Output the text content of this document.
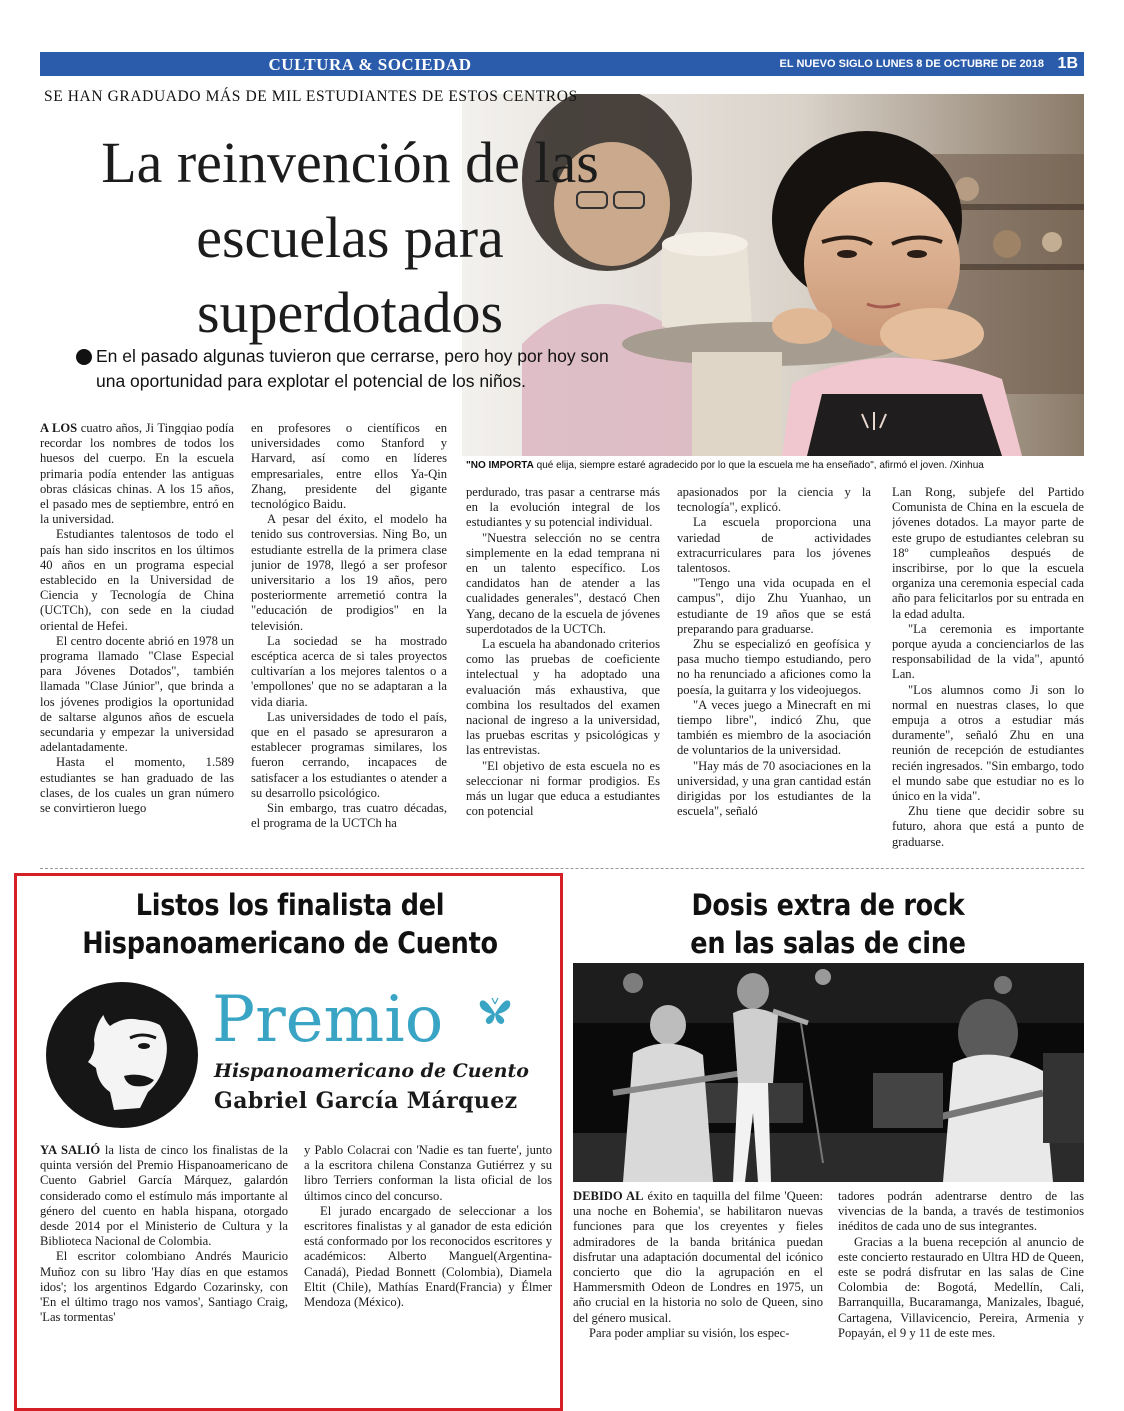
CULTURA & SOCIEDAD	EL NUEVO SIGLO LUNES 8 DE OCTUBRE DE 2018 1B
SE HAN GRADUADO MÁS DE MIL ESTUDIANTES DE ESTOS CENTROS
La reinvención de las escuelas para superdotados
En el pasado algunas tuvieron que cerrarse, pero hoy por hoy son una oportunidad para explotar el potencial de los niños.
"NO IMPORTA qué elija, siempre estaré agradecido por lo que la escuela me ha enseñado", afirmó el joven. /Xinhua

A LOS cuatro años, Ji Tingqiao podía recordar los nombres de todos los huesos del cuerpo. En la escuela primaria podía entender las antiguas obras clásicas chinas. A los 15 años, el pasado mes de septiembre, entró en la universidad.

Estudiantes talentosos de todo el país han sido inscritos en los últimos 40 años en un programa especial establecido en la Universidad de Ciencia y Tecnología de China (UCTCh), con sede en la ciudad oriental de Hefei.

El centro docente abrió en 1978 un programa llamado "Clase Especial para Jóvenes Dotados", también llamada "Clase Júnior", que brinda a los jóvenes prodigios la oportunidad de saltarse algunos años de escuela secundaria y empezar la universidad adelantadamente.

Hasta el momento, 1.589 estudiantes se han graduado de las clases, de los cuales un gran número se convirtieron luego

en profesores o científicos en universidades como Stanford y Harvard, así como en líderes empresariales, entre ellos Ya-Qin Zhang, presidente del gigante tecnológico Baidu.

A pesar del éxito, el modelo ha tenido sus controversias. Ning Bo, un estudiante estrella de la primera clase junior de 1978, llegó a ser profesor universitario a los 19 años, pero posteriormente arremetió contra la "educación de prodigios" en la televisión.

La sociedad se ha mostrado escéptica acerca de si tales proyectos cultivarían a los mejores talentos o a 'empollones' que no se adaptaran a la vida diaria.

Las universidades de todo el país, que en el pasado se apresuraron a establecer programas similares, los fueron cerrando, incapaces de satisfacer a los estudiantes o atender a su desarrollo psicológico.

Sin embargo, tras cuatro décadas, el programa de la UCTCh ha

perdurado, tras pasar a centrarse más en la evolución integral de los estudiantes y su potencial individual.

"Nuestra selección no se centra simplemente en la edad temprana ni en un talento específico. Los candidatos han de atender a las cualidades generales", destacó Chen Yang, decano de la escuela de jóvenes superdotados de la UCTCh.

La escuela ha abandonado criterios como las pruebas de coeficiente intelectual y ha adoptado una evaluación más exhaustiva, que combina los resultados del examen nacional de ingreso a la universidad, las pruebas escritas y psicológicas y las entrevistas.

"El objetivo de esta escuela no es seleccionar ni formar prodigios. Es más un lugar que educa a estudiantes con potencial

apasionados por la ciencia y la tecnología", explicó.

La escuela proporciona una variedad de actividades extracurriculares para los jóvenes talentosos.

"Tengo una vida ocupada en el campus", dijo Zhu Yuanhao, un estudiante de 19 años que se está preparando para graduarse.

Zhu se especializó en geofísica y pasa mucho tiempo estudiando, pero no ha renunciado a aficiones como la poesía, la guitarra y los videojuegos.

"A veces juego a Minecraft en mi tiempo libre", indicó Zhu, que también es miembro de la asociación de voluntarios de la universidad.

"Hay más de 70 asociaciones en la universidad, y una gran cantidad están dirigidas por los estudiantes de la escuela", señaló

Lan Rong, subjefe del Partido Comunista de China en la escuela de jóvenes dotados. La mayor parte de este grupo de estudiantes celebran su 18º cumpleaños después de inscribirse, por lo que la escuela organiza una ceremonia especial cada año para felicitarlos por su entrada en la edad adulta.

"La ceremonia es importante porque ayuda a concienciarlos de las responsabilidad de la vida", apuntó Lan.

"Los alumnos como Ji son lo normal en nuestras clases, lo que empuja a otros a estudiar más duramente", señaló Zhu en una reunión de recepción de estudiantes recién ingresados. "Sin embargo, todo el mundo sabe que estudiar no es lo único en la vida".

Zhu tiene que decidir sobre su futuro, ahora que está a punto de graduarse.

Listos los finalista del
Hispanoamericano de Cuento
Premio
Hispanoamericano de Cuento
Gabriel García Márquez

YA SALIÓ la lista de cinco los finalistas de la quinta versión del Premio Hispanoamericano de Cuento Gabriel García Márquez, galardón considerado como el estímulo más importante al género del cuento en habla hispana, otorgado desde 2014 por el Ministerio de Cultura y la Biblioteca Nacional de Colombia.

El escritor colombiano Andrés Mauricio Muñoz con su libro 'Hay días en que estamos idos'; los argentinos Edgardo Cozarinsky, con 'En el último trago nos vamos', Santiago Craig, 'Las tormentas'

y Pablo Colacrai con 'Nadie es tan fuerte', junto a la escritora chilena Constanza Gutiérrez y su libro Terriers conforman la lista oficial de los últimos cinco del concurso.

El jurado encargado de seleccionar a los escritores finalistas y al ganador de esta edición está conformado por los reconocidos escritores y académicos: Alberto Manguel(Argentina-Canadá), Piedad Bonnett (Colombia), Diamela Eltit (Chile), Mathías Enard(Francia) y Élmer Mendoza (México).

Dosis extra de rock
en las salas de cine

DEBIDO AL éxito en taquilla del filme 'Queen: una noche en Bohemia', se habilitaron nuevas funciones para que los creyentes y fieles admiradores de la banda británica puedan disfrutar una adaptación documental del icónico concierto que dio la agrupación en el Hammersmith Odeon de Londres en 1975, un año crucial en la historia no solo de Queen, sino del género musical.

Para poder ampliar su visión, los espec-

tadores podrán adentrarse dentro de las vivencias de la banda, a través de testimonios inéditos de cada uno de sus integrantes.

Gracias a la buena recepción al anuncio de este concierto restaurado en Ultra HD de Queen, este se podrá disfrutar en las salas de Cine Colombia de: Bogotá, Medellín, Cali, Barranquilla, Bucaramanga, Manizales, Ibagué, Cartagena, Villavicencio, Pereira, Armenia y Popayán, el 9 y 11 de este mes.
